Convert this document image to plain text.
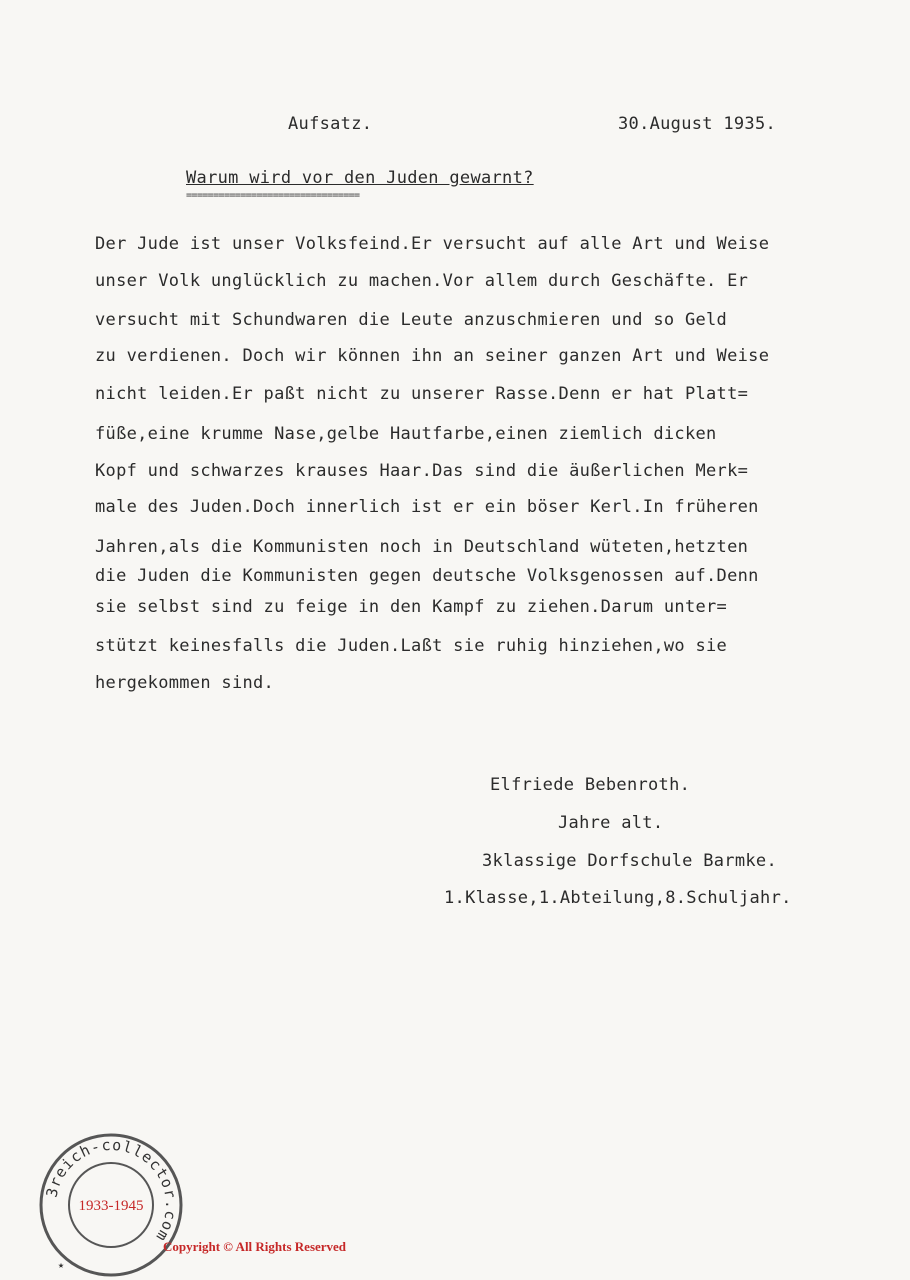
Aufsatz.	30.August 1935.
Warum wird vor den Juden gewarnt?
================================
Der Jude ist unser Volksfeind.Er versucht auf alle Art und Weise
unser Volk unglücklich zu machen.Vor allem durch Geschäfte. Er
versucht mit Schundwaren die Leute anzuschmieren und so Geld
zu verdienen. Doch wir können ihn an seiner ganzen Art und Weise
nicht leiden.Er paßt nicht zu unserer Rasse.Denn er hat Platt=
füße,eine krumme Nase,gelbe Hautfarbe,einen ziemlich dicken
Kopf und schwarzes krauses Haar.Das sind die äußerlichen Merk=
male des Juden.Doch innerlich ist er ein böser Kerl.In früheren
Jahren,als die Kommunisten noch in Deutschland wüteten,hetzten
die Juden die Kommunisten gegen deutsche Volksgenossen auf.Denn
sie selbst sind zu feige in den Kampf zu ziehen.Darum unter=
stützt keinesfalls die Juden.Laßt sie ruhig hinziehen,wo sie
hergekommen sind.
Elfriede Bebenroth.
Jahre alt.
3klassige Dorfschule Barmke.
1.Klasse,1.Abteilung,8.Schuljahr.
3reich-collector.com
1933-1945
★
Copyright © All Rights Reserved
